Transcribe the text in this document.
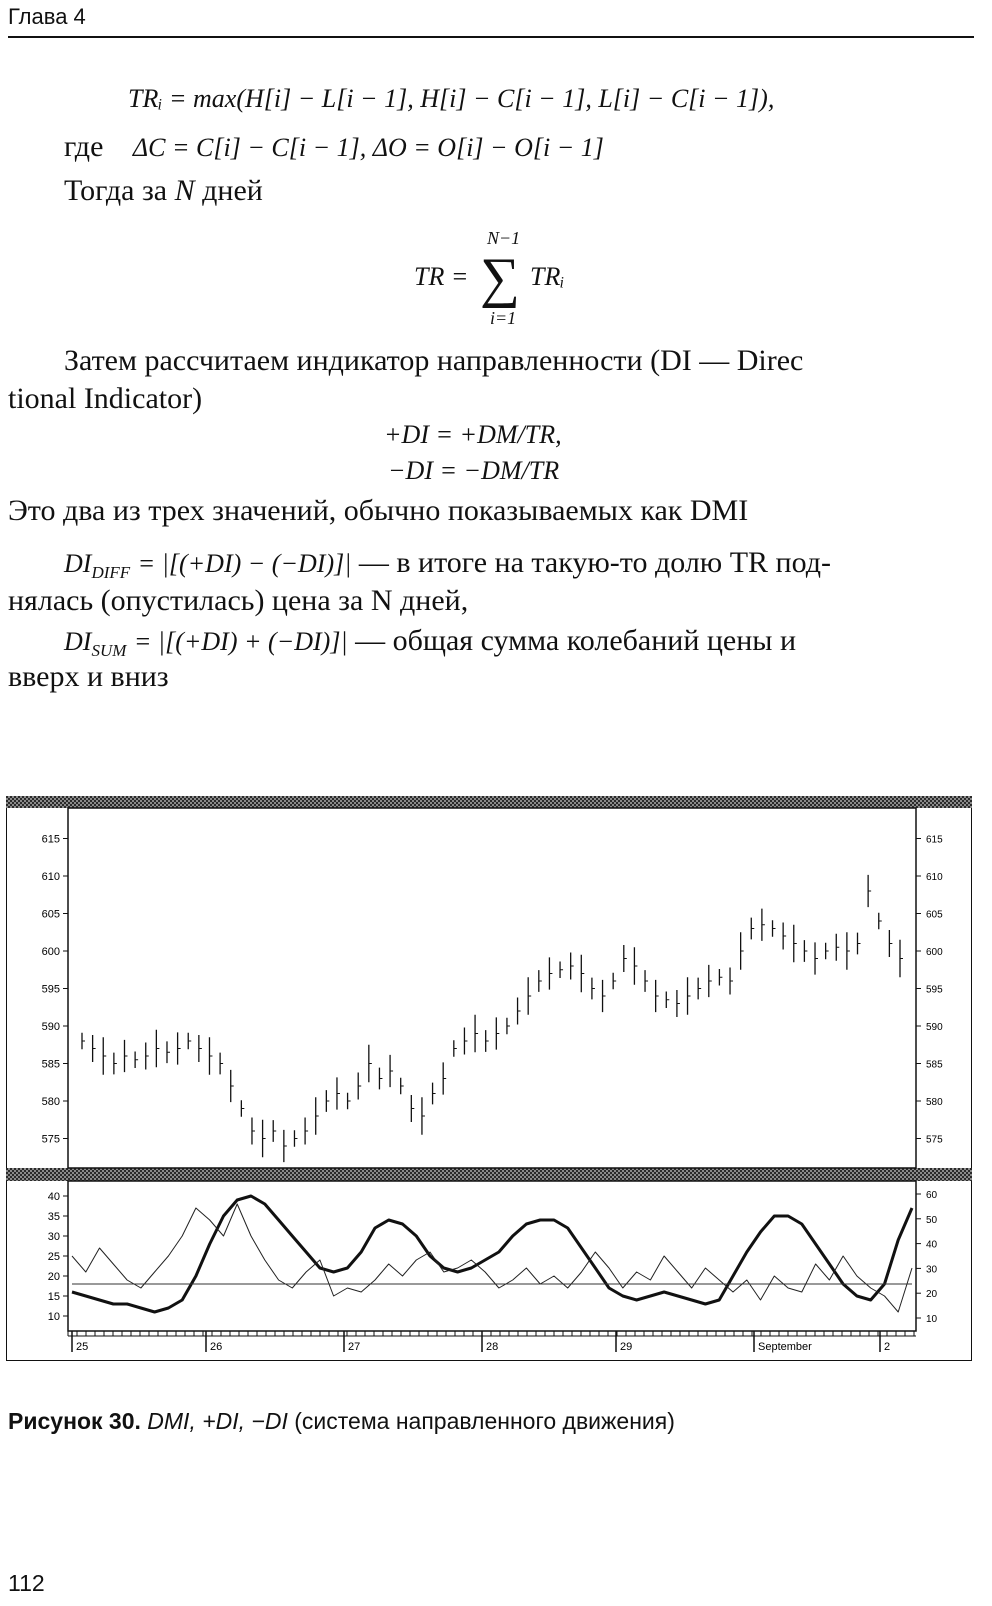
Глава 4
TRᵢ = max(H[i] − L[i − 1], H[i] − C[i − 1], L[i] − C[i − 1]),
где ΔC = C[i] − C[i − 1], ΔO = O[i] − O[i − 1]
Тогда за N дней
TR =
N−1
∑
i=1
TRᵢ
Затем рассчитаем индикатор направленности (DI — Direc
tional Indicator)
+DI = +DM/TR,
−DI = −DM/TR
Это два из трех значений, обычно показываемых как DMI
$DI_{DIFF} = |[(+DI) - (-DI)]|$ — в итоге на такую-то долю TR под-
нялась (опустилась) цена за N дней,
$DI_{SUM} = |[(+DI) + (-DI)]|$ — общая сумма колебаний цены и
вверх и вниз
615	615
610	610
605	605
600	600
595	595
590	590
585	585
580	580
575	575
40
35
30
25
20
15
10
60
50
40
30
20
10
25	26	27	28	29	September	2
Рисунок 30. DMI, +DI, −DI (система направленного движения)
112
